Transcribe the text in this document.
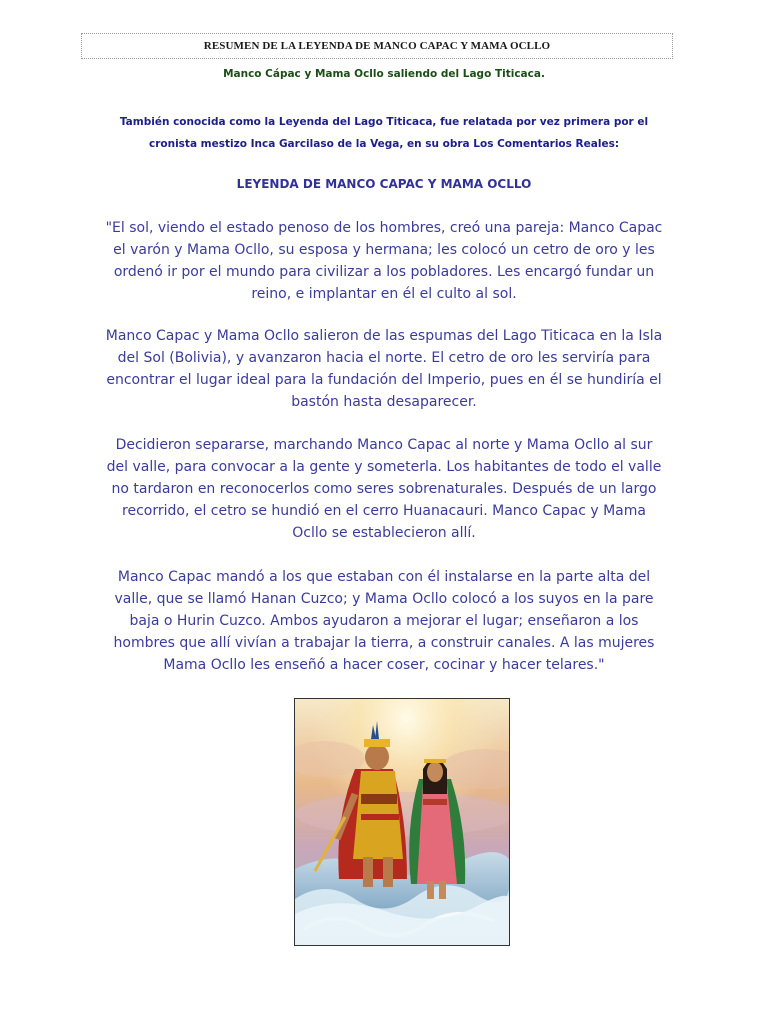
RESUMEN DE LA LEYENDA DE MANCO CAPAC Y MAMA OCLLO
Manco Cápac y Mama Ocllo saliendo del Lago Titicaca.
También conocida como la Leyenda del Lago Titicaca, fue relatada por vez primera por el cronista mestizo Inca Garcilaso de la Vega, en su obra Los Comentarios Reales:
LEYENDA DE MANCO CAPAC Y MAMA OCLLO

"El sol, viendo el estado penoso de los hombres, creó una pareja: Manco Capac el varón y Mama Ocllo, su esposa y hermana; les colocó un cetro de oro y les ordenó ir por el mundo para civilizar a los pobladores. Les encargó fundar un reino, e implantar en él el culto al sol.

Manco Capac y Mama Ocllo salieron de las espumas del Lago Titicaca en la Isla del Sol (Bolivia), y avanzaron hacia el norte. El cetro de oro les serviría para encontrar el lugar ideal para la fundación del Imperio, pues en él se hundiría el bastón hasta desaparecer.

Decidieron separarse, marchando Manco Capac al norte y Mama Ocllo al sur del valle, para convocar a la gente y someterla. Los habitantes de todo el valle no tardaron en reconocerlos como seres sobrenaturales. Después de un largo recorrido, el cetro se hundió en el cerro Huanacauri. Manco Capac y Mama Ocllo se establecieron allí.

Manco Capac mandó a los que estaban con él instalarse en la parte alta del valle, que se llamó Hanan Cuzco; y Mama Ocllo colocó a los suyos en la pare baja o Hurin Cuzco. Ambos ayudaron a mejorar el lugar; enseñaron a los hombres que allí vivían a trabajar la tierra, a construir canales. A las mujeres Mama Ocllo les enseñó a hacer coser, cocinar y hacer telares."
